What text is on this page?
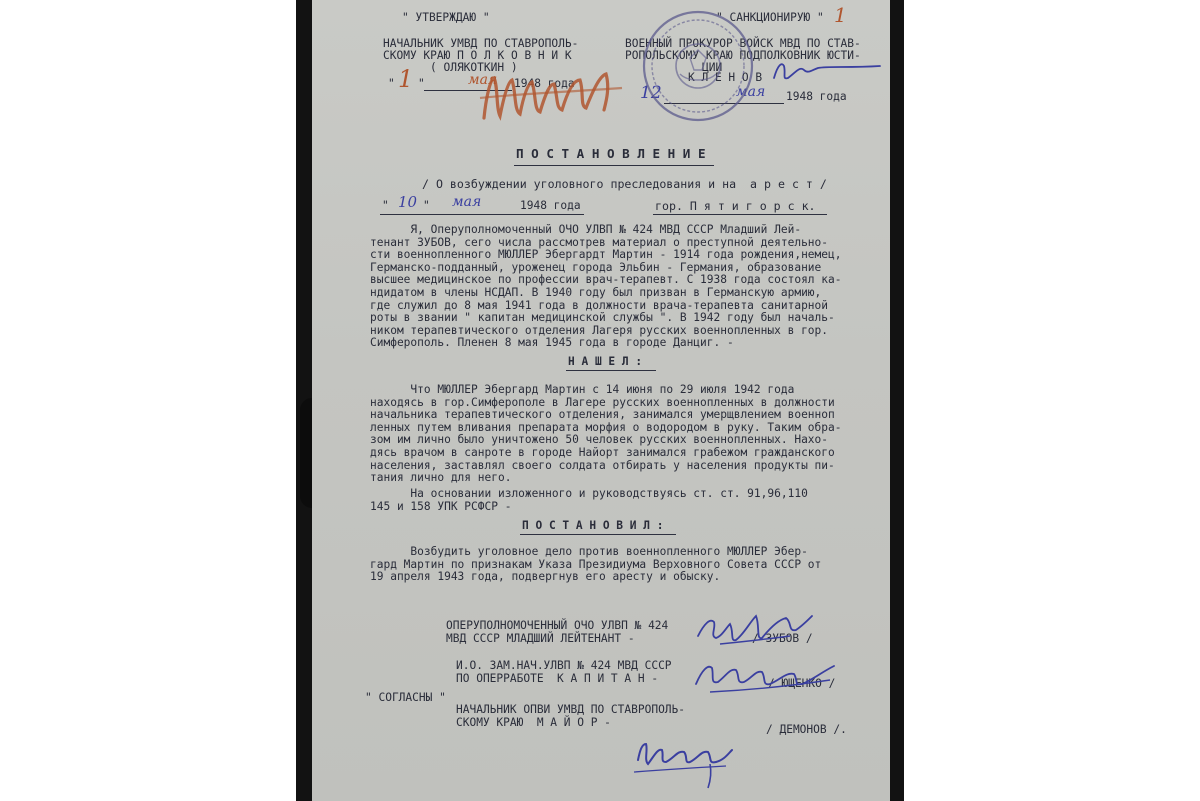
" УТВЕРЖДАЮ "
НАЧАЛЬНИК УМВД ПО СТАВРОПОЛЬ-
СКОМУ КРАЮ П О Л К О В Н И К
( ОЛЯКОТКИН )
" "
1	мая 1948 года
" САНКЦИОНИРУЮ " 1
ВОЕННЫЙ ПРОКУРОР ВОЙСК МВД ПО СТАВ-
РОПОЛЬСКОМУ КРАЮ ПОДПОЛКОВНИК ЮСТИ-
ЦИИ
К Л Е Н О В
12	мая 1948 года
П О С Т А Н О В Л Е Н И Е
/ О возбуждении уголовного преследования и на  а р е с т /
" 10 " мая	1948 года	гор. П я т и г о р с к.
Я, Оперуполномоченный ОЧО УЛВП № 424 МВД СССР Младший Лей-
тенант ЗУБОВ, сего числа рассмотрев материал о преступной деятельно-
сти военнопленного МЮЛЛЕР Эбергардт Мартин - 1914 года рождения,немец,
Германско-подданный, уроженец города Эльбин - Германия, образование
высшее медицинское по профессии врач-терапевт. С 1938 года состоял ка-
ндидатом в члены НСДАП. В 1940 году был призван в Германскую армию,
где служил до 8 мая 1941 года в должности врача-терапевта санитарной
роты в звании " капитан медицинской службы ". В 1942 году был началь-
ником терапевтического отделения Лагеря русских военнопленных в гор.
Симферополь. Пленен 8 мая 1945 года в городе Данциг. -
Н А Ш Е Л :
Что МЮЛЛЕР Эбергард Мартин с 14 июня по 29 июля 1942 года
находясь в гор.Симферополе в Лагере русских военнопленных в должности
начальника терапевтического отделения, занимался умерщвлением военноп
ленных путем вливания препарата морфия о водородом в руку. Таким обра-
зом им лично было уничтожено 50 человек русских военнопленных. Нахо-
дясь врачом в санроте в городе Найорт занимался грабежом гражданского
населения, заставлял своего солдата отбирать у населения продукты пи-
тания лично для него.
На основании изложенного и руководствуясь ст. ст. 91,96,110
145 и 158 УПК РСФСР -
П О С Т А Н О В И Л :
Возбудить уголовное дело против военнопленного МЮЛЛЕР Эбер-
гард Мартин по признакам Указа Президиума Верховного Совета СССР от
19 апреля 1943 года, подвергнув его аресту и обыску.
ОПЕРУПОЛНОМОЧЕННЫЙ ОЧО УЛВП № 424
МВД СССР МЛАДШИЙ ЛЕЙТЕНАНТ -	/ ЗУБОВ /
И.О. ЗАМ.НАЧ.УЛВП № 424 МВД СССР
ПО ОПЕРРАБОТЕ  К А П И Т А Н -	/ ЮЩЕНКО /
" СОГЛАСНЫ "
НАЧАЛЬНИК ОПВИ УМВД ПО СТАВРОПОЛЬ-
СКОМУ КРАЮ  М А Й О Р -
/ ДЕМОНОВ /.
